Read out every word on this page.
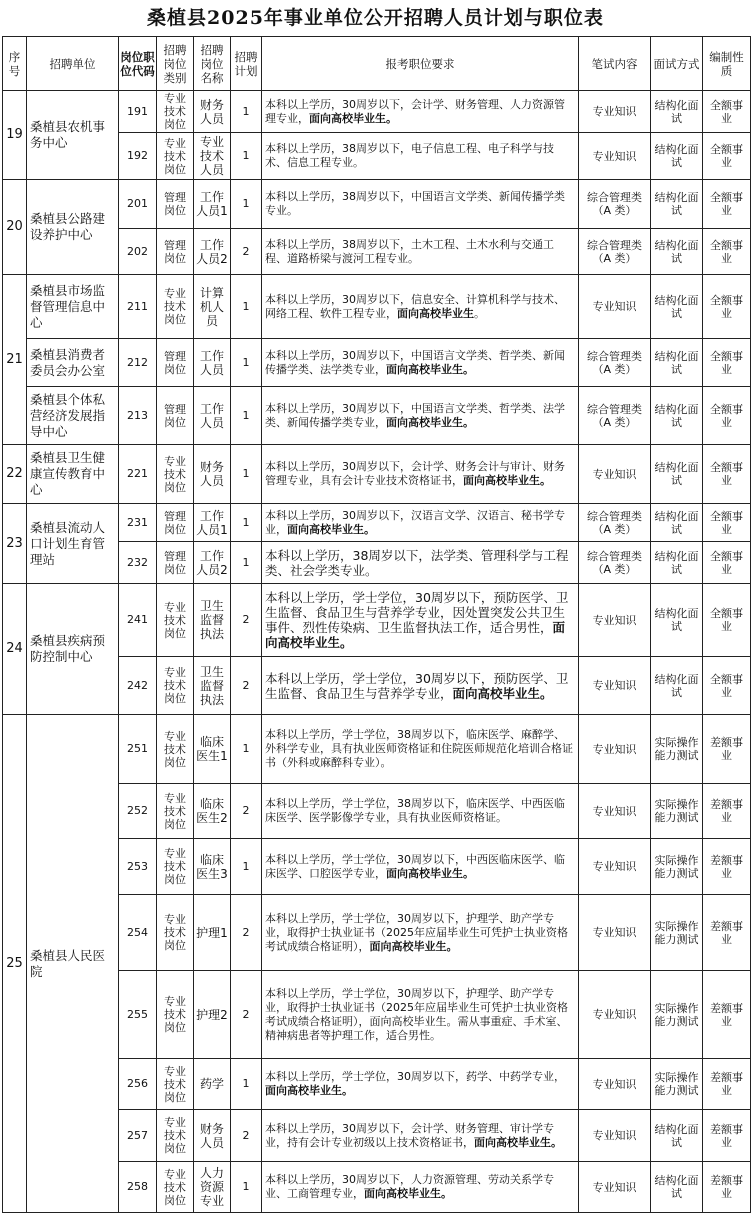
桑植县2025年事业单位公开招聘人员计划与职位表
序号	招聘单位	岗位职位代码	招聘岗位类别	招聘岗位名称	招聘计划	报考职位要求	笔试内容	面试方式	编制性质
19	桑植县农机事务中心	191	专业技术岗位	财务人员	1	本科以上学历，30周岁以下，会计学、财务管理、人力资源管理专业，面向高校毕业生。	专业知识	结构化面试	全额事业
		192	专业技术岗位	专业技术人员	1	本科以上学历，38周岁以下，电子信息工程、电子科学与技术、信息工程专业。	专业知识	结构化面试	全额事业
20	桑植县公路建设养护中心	201	管理岗位	工作人员1	1	本科以上学历，38周岁以下，中国语言文学类、新闻传播学类专业。	综合管理类（A 类）	结构化面试	全额事业
		202	管理岗位	工作人员2	2	本科以上学历，38周岁以下，土木工程、土木水利与交通工程、道路桥梁与渡河工程专业。	综合管理类（A 类）	结构化面试	全额事业
21	桑植县市场监督管理信息中心	211	专业技术岗位	计算机人员	1	本科以上学历，30周岁以下，信息安全、计算机科学与技术、网络工程、软件工程专业，面向高校毕业生。	专业知识	结构化面试	全额事业
	桑植县消费者委员会办公室	212	管理岗位	工作人员	1	本科以上学历，30周岁以下，中国语言文学类、哲学类、新闻传播学类、法学类专业，面向高校毕业生。	综合管理类（A 类）	结构化面试	全额事业
	桑植县个体私营经济发展指导中心	213	管理岗位	工作人员	1	本科以上学历，30周岁以下，中国语言文学类、哲学类、法学类、新闻传播学类专业，面向高校毕业生。	综合管理类（A 类）	结构化面试	全额事业
22	桑植县卫生健康宣传教育中心	221	专业技术岗位	财务人员	1	本科以上学历，30周岁以下，会计学、财务会计与审计、财务管理专业，具有会计专业技术资格证书，面向高校毕业生。	专业知识	结构化面试	全额事业
23	桑植县流动人口计划生育管理站	231	管理岗位	工作人员1	1	本科以上学历，30周岁以下，汉语言文学、汉语言、秘书学专业，面向高校毕业生。	综合管理类（A 类）	结构化面试	全额事业
		232	管理岗位	工作人员2	1	本科以上学历，38周岁以下，法学类、管理科学与工程类、社会学类专业。	综合管理类（A 类）	结构化面试	全额事业
24	桑植县疾病预防控制中心	241	专业技术岗位	卫生监督执法	2	本科以上学历，学士学位，30周岁以下，预防医学、卫生监督、食品卫生与营养学专业，因处置突发公共卫生事件、烈性传染病、卫生监督执法工作，适合男性，面向高校毕业生。	专业知识	结构化面试	全额事业
		242	专业技术岗位	卫生监督执法	2	本科以上学历，学士学位，30周岁以下，预防医学、卫生监督、食品卫生与营养学专业，面向高校毕业生。	专业知识	结构化面试	全额事业
25	桑植县人民医院	251	专业技术岗位	临床医生1	1	本科以上学历，学士学位，38周岁以下，临床医学、麻醉学、外科学专业，具有执业医师资格证和住院医师规范化培训合格证书（外科或麻醉科专业）。	专业知识	实际操作能力测试	差额事业
		252	专业技术岗位	临床医生2	2	本科以上学历，学士学位，38周岁以下，临床医学、中西医临床医学、医学影像学专业，具有执业医师资格证。	专业知识	实际操作能力测试	差额事业
		253	专业技术岗位	临床医生3	1	本科以上学历，学士学位，30周岁以下，中西医临床医学、临床医学、口腔医学专业，面向高校毕业生。	专业知识	实际操作能力测试	差额事业
		254	专业技术岗位	护理1	2	本科以上学历，学士学位，30周岁以下，护理学、助产学专业，取得护士执业证书（2025年应届毕业生可凭护士执业资格考试成绩合格证明），面向高校毕业生。	专业知识	实际操作能力测试	差额事业
		255	专业技术岗位	护理2	2	本科以上学历，学士学位，30周岁以下，护理学、助产学专业，取得护士执业证书（2025年应届毕业生可凭护士执业资格考试成绩合格证明），面向高校毕业生。需从事重症、手术室、精神病患者等护理工作，适合男性。	专业知识	实际操作能力测试	差额事业
		256	专业技术岗位	药学	1	本科以上学历，学士学位，30周岁以下，药学、中药学专业，面向高校毕业生。	专业知识	实际操作能力测试	差额事业
		257	专业技术岗位	财务人员	2	本科以上学历，30周岁以下，会计学、财务管理、审计学专业，持有会计专业初级以上技术资格证书，面向高校毕业生。	专业知识	结构化面试	差额事业
		258	专业技术岗位	人力资源专业	1	本科以上学历，30周岁以下，人力资源管理、劳动关系学专业、工商管理专业，面向高校毕业生。	专业知识	结构化面试	差额事业
